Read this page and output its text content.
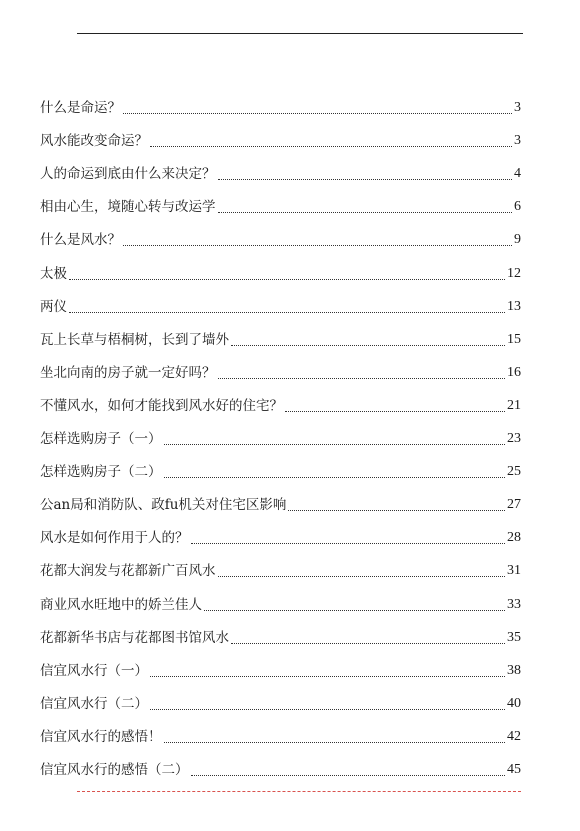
什么是命运？	3
风水能改变命运？	3
人的命运到底由什么来决定？	4
相由心生，境随心转与改运学	6
什么是风水？	9
太极	12
两仪	13
瓦上长草与梧桐树，长到了墙外	15
坐北向南的房子就一定好吗？	16
不懂风水，如何才能找到风水好的住宅？	21
怎样选购房子（一）	23
怎样选购房子（二）	25
公an局和消防队、政fu机关对住宅区影响	27
风水是如何作用于人的？	28
花都大润发与花都新广百风水	31
商业风水旺地中的娇兰佳人	33
花都新华书店与花都图书馆风水	35
信宜风水行（一）	38
信宜风水行（二）	40
信宜风水行的感悟！	42
信宜风水行的感悟（二）	45
